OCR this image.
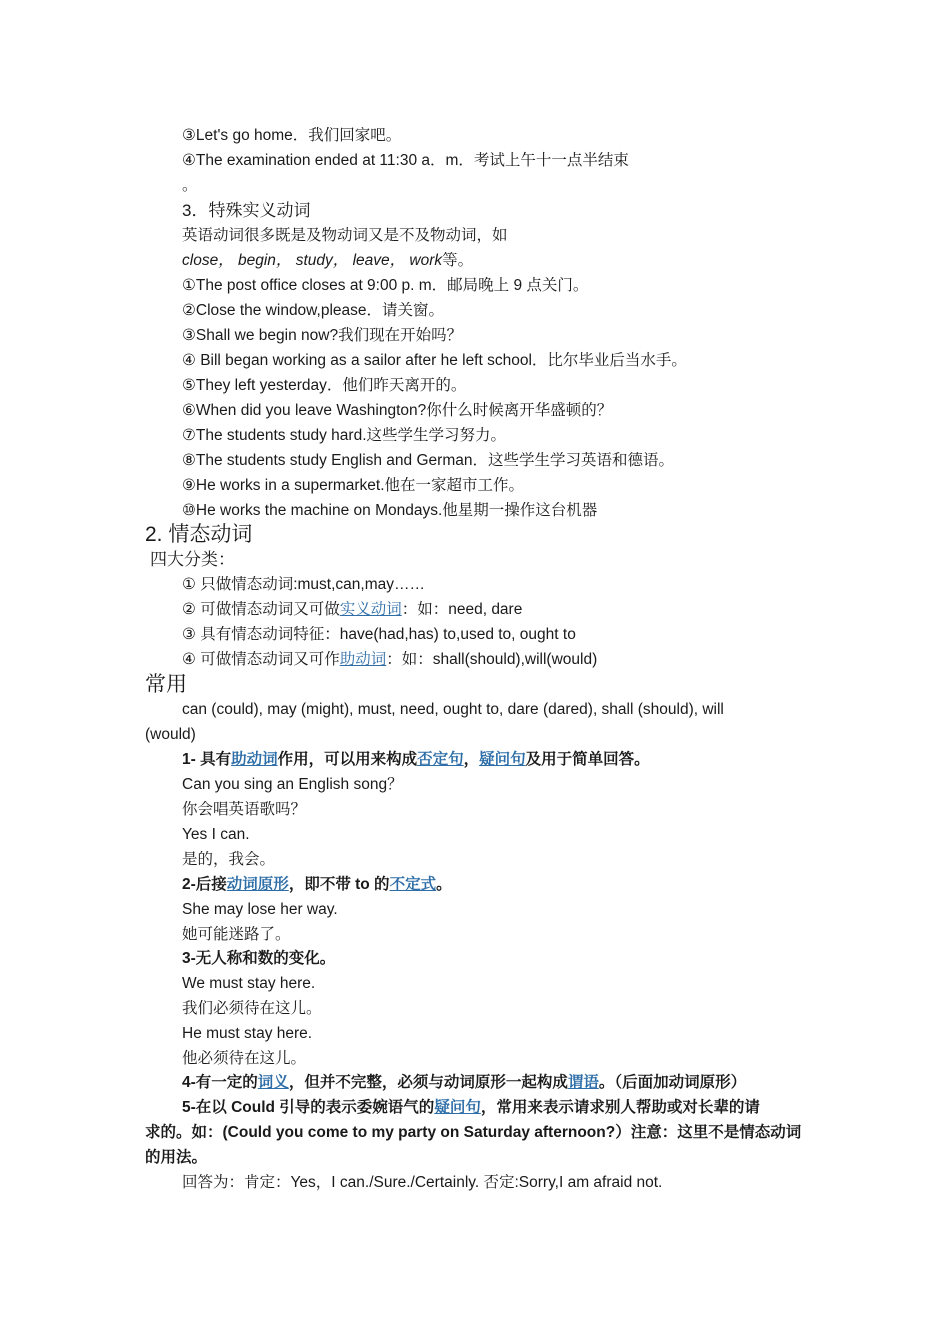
③Let's go home．我们回家吧。
④The examination ended at 11:30 a．m．考试上午十一点半结束
。
3．特殊实义动词
英语动词很多既是及物动词又是不及物动词，如
close， begin， study， leave， work等。
①The post office closes at 9:00 p. m．邮局晚上 9 点关门。
②Close the window,please．请关窗。
③Shall we begin now?我们现在开始吗？
④ Bill began working as a sailor after he left school．比尔毕业后当水手。
⑤They left yesterday．他们昨天离开的。
⑥When did you leave Washington?你什么时候离开华盛顿的？
⑦The students study hard.这些学生学习努力。
⑧The students study English and German．这些学生学习英语和德语。
⑨He works in a supermarket.他在一家超市工作。
⑩He works the machine on Mondays.他星期一操作这台机器
2. 情态动词
四大分类：
① 只做情态动词:must,can,may……
② 可做情态动词又可做实义动词：如：need, dare
③ 具有情态动词特征：have(had,has) to,used to, ought to
④ 可做情态动词又可作助动词：如：shall(should),will(would)
常用
can (could), may (might), must, need, ought to, dare (dared), shall (should), will
(would)
1- 具有助动词作用，可以用来构成否定句，疑问句及用于简单回答。
Can you sing an English song？
你会唱英语歌吗？
Yes I can.
是的，我会。
2-后接动词原形，即不带 to 的不定式。
She may lose her way.
她可能迷路了。
3-无人称和数的变化。
We must stay here.
我们必须待在这儿。
He must stay here.
他必须待在这儿。
4-有一定的词义，但并不完整，必须与动词原形一起构成谓语。（后面加动词原形）
5-在以 Could 引导的表示委婉语气的疑问句，常用来表示请求别人帮助或对长辈的请
求的。如：(Could you come to my party on Saturday afternoon?）注意：这里不是情态动词
的用法。
回答为：肯定：Yes，I can./Sure./Certainly. 否定:Sorry,I am afraid not.
